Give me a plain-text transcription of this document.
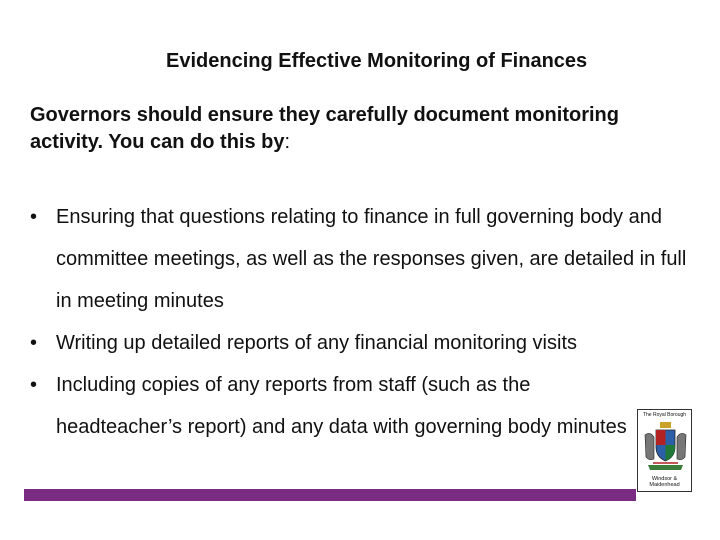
Evidencing Effective Monitoring of Finances
Governors should ensure they carefully document monitoring activity. You can do this by:
• Ensuring that questions relating to finance in full governing body and committee meetings, as well as the responses given, are detailed in full in meeting minutes
• Writing up detailed reports of any financial monitoring visits
• Including copies of any reports from staff (such as the headteacher’s report) and any data with governing body minutes
The Royal Borough
Windsor &
Maidenhead
